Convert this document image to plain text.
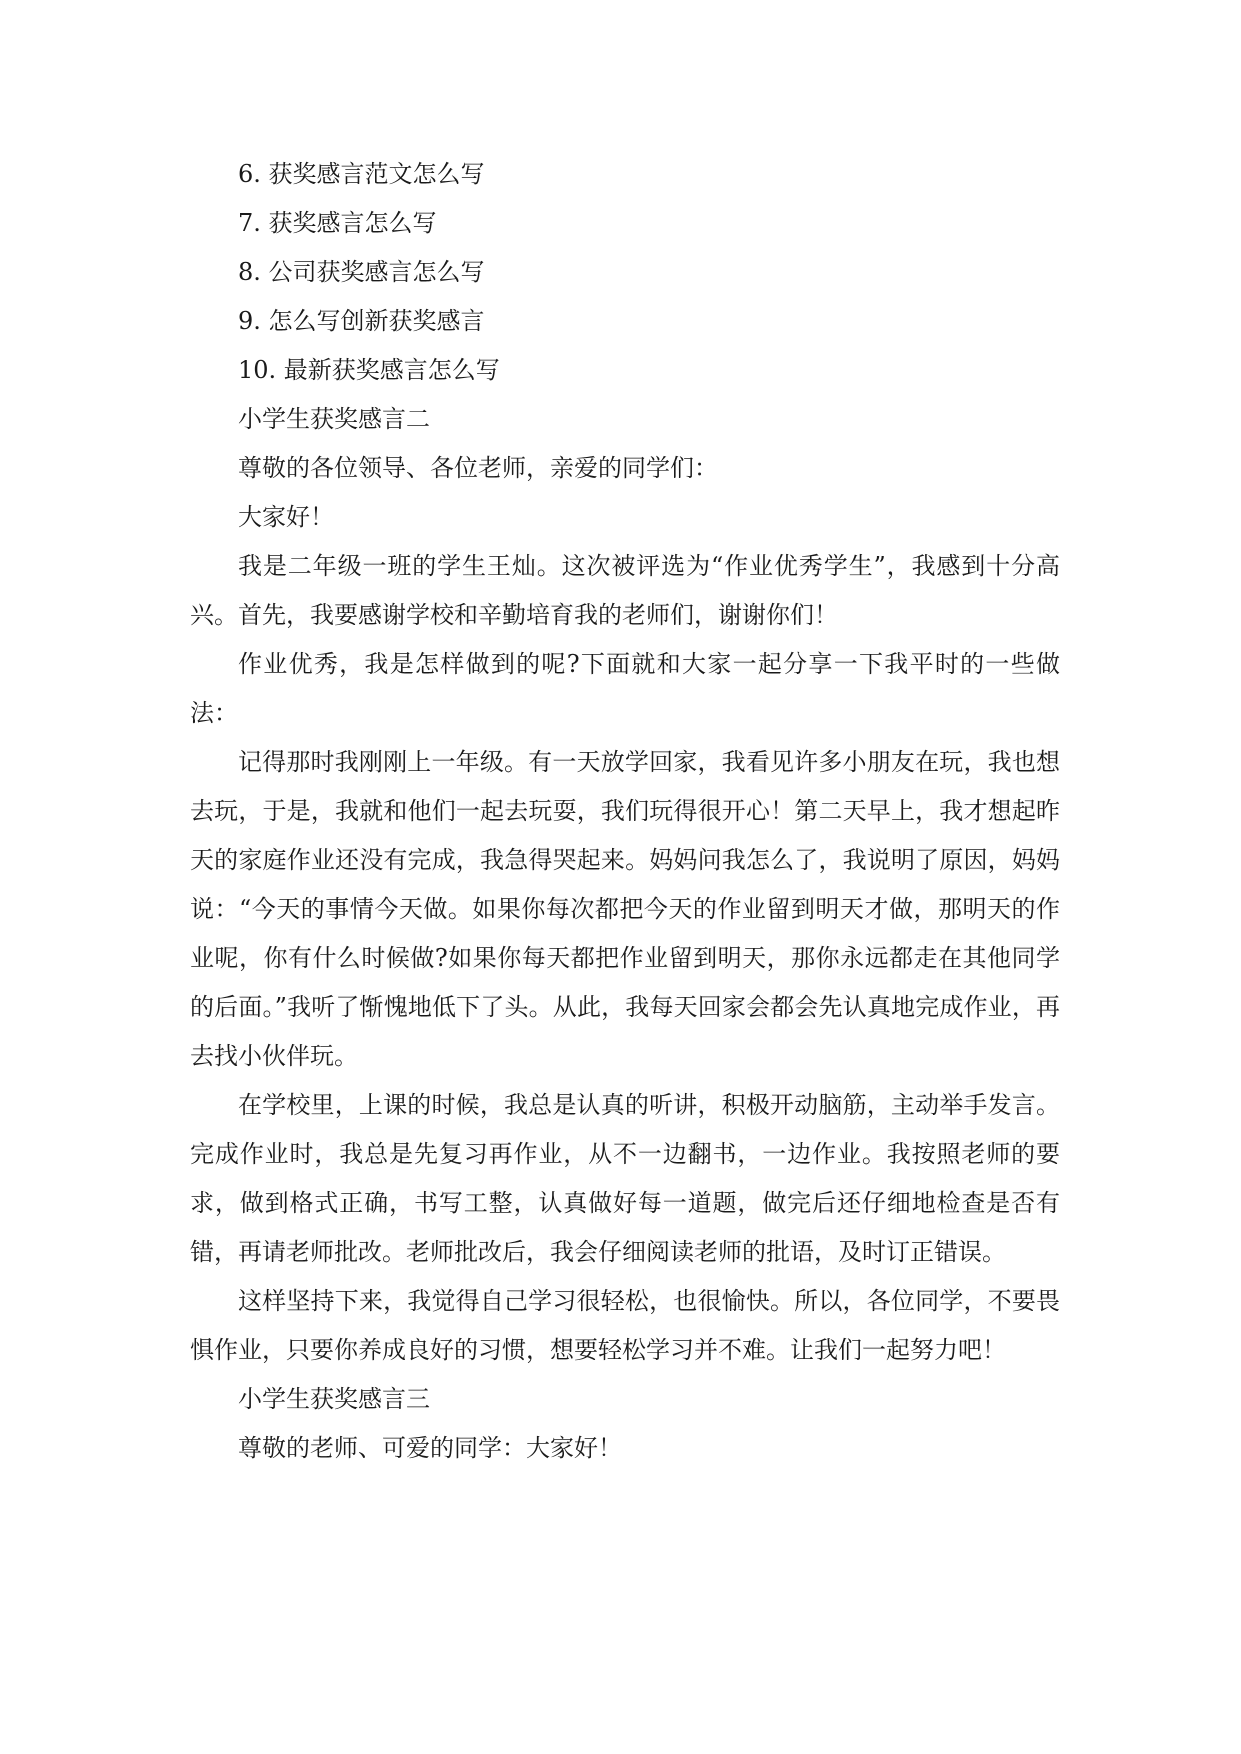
6. 获奖感言范文怎么写

7. 获奖感言怎么写

8. 公司获奖感言怎么写

9. 怎么写创新获奖感言

10. 最新获奖感言怎么写

小学生获奖感言二

尊敬的各位领导、各位老师，亲爱的同学们：

大家好！

我是二年级一班的学生王灿。这次被评选为“作业优秀学生”，我感到十分高兴。首先，我要感谢学校和辛勤培育我的老师们，谢谢你们！

作业优秀，我是怎样做到的呢?下面就和大家一起分享一下我平时的一些做法：

记得那时我刚刚上一年级。有一天放学回家，我看见许多小朋友在玩，我也想去玩，于是，我就和他们一起去玩耍，我们玩得很开心！第二天早上，我才想起昨天的家庭作业还没有完成，我急得哭起来。妈妈问我怎么了，我说明了原因，妈妈说：“今天的事情今天做。如果你每次都把今天的作业留到明天才做，那明天的作业呢，你有什么时候做?如果你每天都把作业留到明天，那你永远都走在其他同学的后面。”我听了惭愧地低下了头。从此，我每天回家会都会先认真地完成作业，再去找小伙伴玩。

在学校里，上课的时候，我总是认真的听讲，积极开动脑筋，主动举手发言。完成作业时，我总是先复习再作业，从不一边翻书，一边作业。我按照老师的要求，做到格式正确，书写工整，认真做好每一道题，做完后还仔细地检查是否有错，再请老师批改。老师批改后，我会仔细阅读老师的批语，及时订正错误。

这样坚持下来，我觉得自己学习很轻松，也很愉快。所以，各位同学，不要畏惧作业，只要你养成良好的习惯，想要轻松学习并不难。让我们一起努力吧！

小学生获奖感言三

尊敬的老师、可爱的同学：大家好！
